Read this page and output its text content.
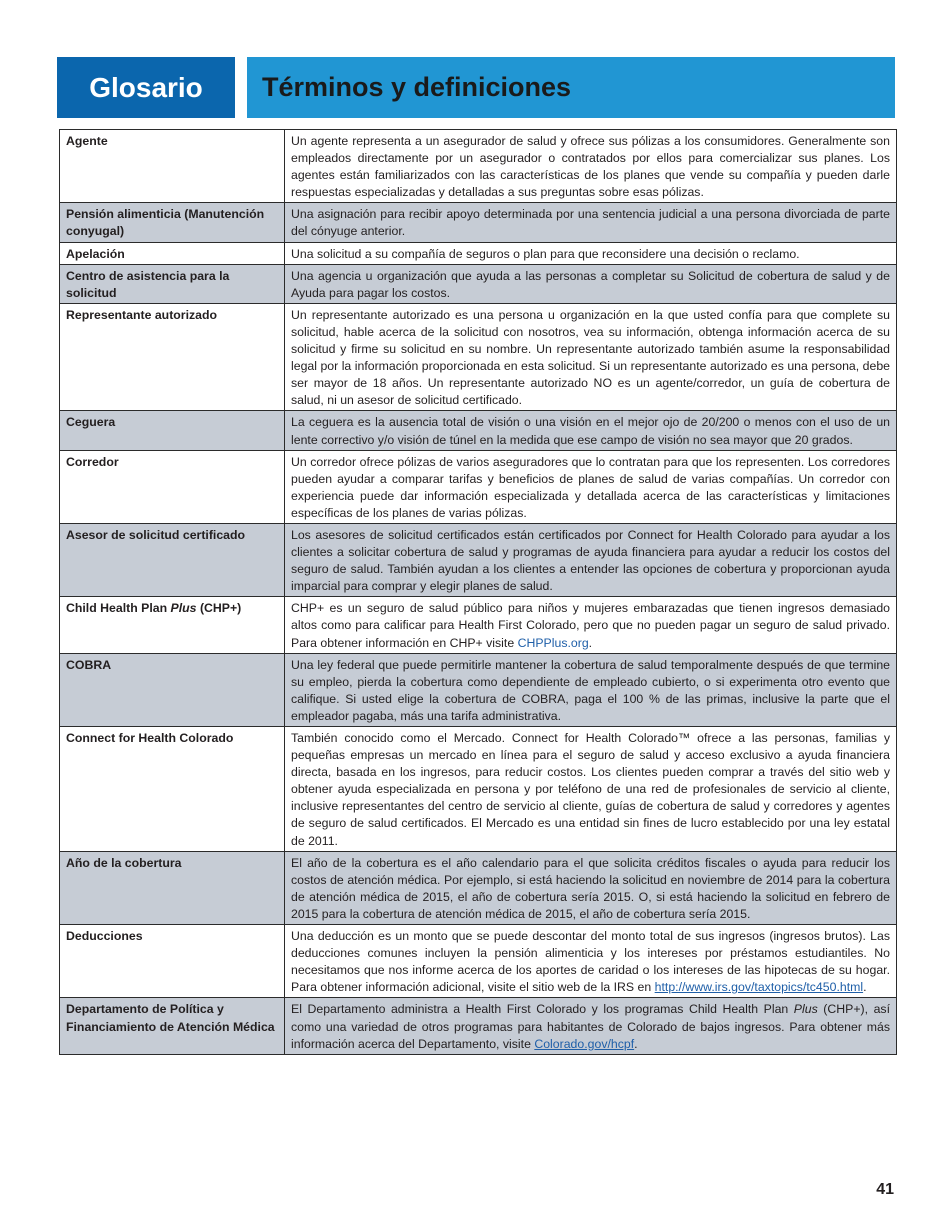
Glosario	Términos y definiciones
Agente	Un agente representa a un asegurador de salud y ofrece sus pólizas a los consumidores. Generalmente son empleados directamente por un asegurador o contratados por ellos para comercializar sus planes. Los agentes están familiarizados con las características de los planes que vende su compañía y pueden darle respuestas especializadas y detalladas a sus preguntas sobre esas pólizas.
Pensión alimenticia (Manutención conyugal)	Una asignación para recibir apoyo determinada por una sentencia judicial a una persona divorciada de parte del cónyuge anterior.
Apelación	Una solicitud a su compañía de seguros o plan para que reconsidere una decisión o reclamo.
Centro de asistencia para la solicitud	Una agencia u organización que ayuda a las personas a completar su Solicitud de cobertura de salud y de Ayuda para pagar los costos.
Representante autorizado	Un representante autorizado es una persona u organización en la que usted confía para que complete su solicitud, hable acerca de la solicitud con nosotros, vea su información, obtenga información acerca de su solicitud y firme su solicitud en su nombre. Un representante autorizado también asume la responsabilidad legal por la información proporcionada en esta solicitud. Si un representante autorizado es una persona, debe ser mayor de 18 años. Un representante autorizado NO es un agente/corredor, un guía de cobertura de salud, ni un asesor de solicitud certificado.
Ceguera	La ceguera es la ausencia total de visión o una visión en el mejor ojo de 20/200 o menos con el uso de un lente correctivo y/o visión de túnel en la medida que ese campo de visión no sea mayor que 20 grados.
Corredor	Un corredor ofrece pólizas de varios aseguradores que lo contratan para que los representen. Los corredores pueden ayudar a comparar tarifas y beneficios de planes de salud de varias compañías. Un corredor con experiencia puede dar información especializada y detallada acerca de las características y limitaciones específicas de los planes de varias pólizas.
Asesor de solicitud certificado	Los asesores de solicitud certificados están certificados por Connect for Health Colorado para ayudar a los clientes a solicitar cobertura de salud y programas de ayuda financiera para ayudar a reducir los costos del seguro de salud. También ayudan a los clientes a entender las opciones de cobertura y proporcionan ayuda imparcial para comprar y elegir planes de salud.
Child Health Plan Plus (CHP+)	CHP+ es un seguro de salud público para niños y mujeres embarazadas que tienen ingresos demasiado altos como para calificar para Health First Colorado, pero que no pueden pagar un seguro de salud privado. Para obtener información en CHP+ visite CHPPlus.org.
COBRA	Una ley federal que puede permitirle mantener la cobertura de salud temporalmente después de que termine su empleo, pierda la cobertura como dependiente de empleado cubierto, o si experimenta otro evento que califique. Si usted elige la cobertura de COBRA, paga el 100 % de las primas, inclusive la parte que el empleador pagaba, más una tarifa administrativa.
Connect for Health Colorado	También conocido como el Mercado. Connect for Health Colorado™ ofrece a las personas, familias y pequeñas empresas un mercado en línea para el seguro de salud y acceso exclusivo a ayuda financiera directa, basada en los ingresos, para reducir costos. Los clientes pueden comprar a través del sitio web y obtener ayuda especializada en persona y por teléfono de una red de profesionales de servicio al cliente, inclusive representantes del centro de servicio al cliente, guías de cobertura de salud y corredores y agentes de seguro de salud certificados. El Mercado es una entidad sin fines de lucro establecido por una ley estatal de 2011.
Año de la cobertura	El año de la cobertura es el año calendario para el que solicita créditos fiscales o ayuda para reducir los costos de atención médica. Por ejemplo, si está haciendo la solicitud en noviembre de 2014 para la cobertura de atención médica de 2015, el año de cobertura sería 2015. O, si está haciendo la solicitud en febrero de 2015 para la cobertura de atención médica de 2015, el año de cobertura sería 2015.
Deducciones	Una deducción es un monto que se puede descontar del monto total de sus ingresos (ingresos brutos). Las deducciones comunes incluyen la pensión alimenticia y los intereses por préstamos estudiantiles. No necesitamos que nos informe acerca de los aportes de caridad o los intereses de las hipotecas de su hogar. Para obtener información adicional, visite el sitio web de la IRS en http://www.irs.gov/taxtopics/tc450.html.
Departamento de Política y Financiamiento de Atención Médica	El Departamento administra a Health First Colorado y los programas Child Health Plan Plus (CHP+), así como una variedad de otros programas para habitantes de Colorado de bajos ingresos. Para obtener más información acerca del Departamento, visite Colorado.gov/hcpf.
41
